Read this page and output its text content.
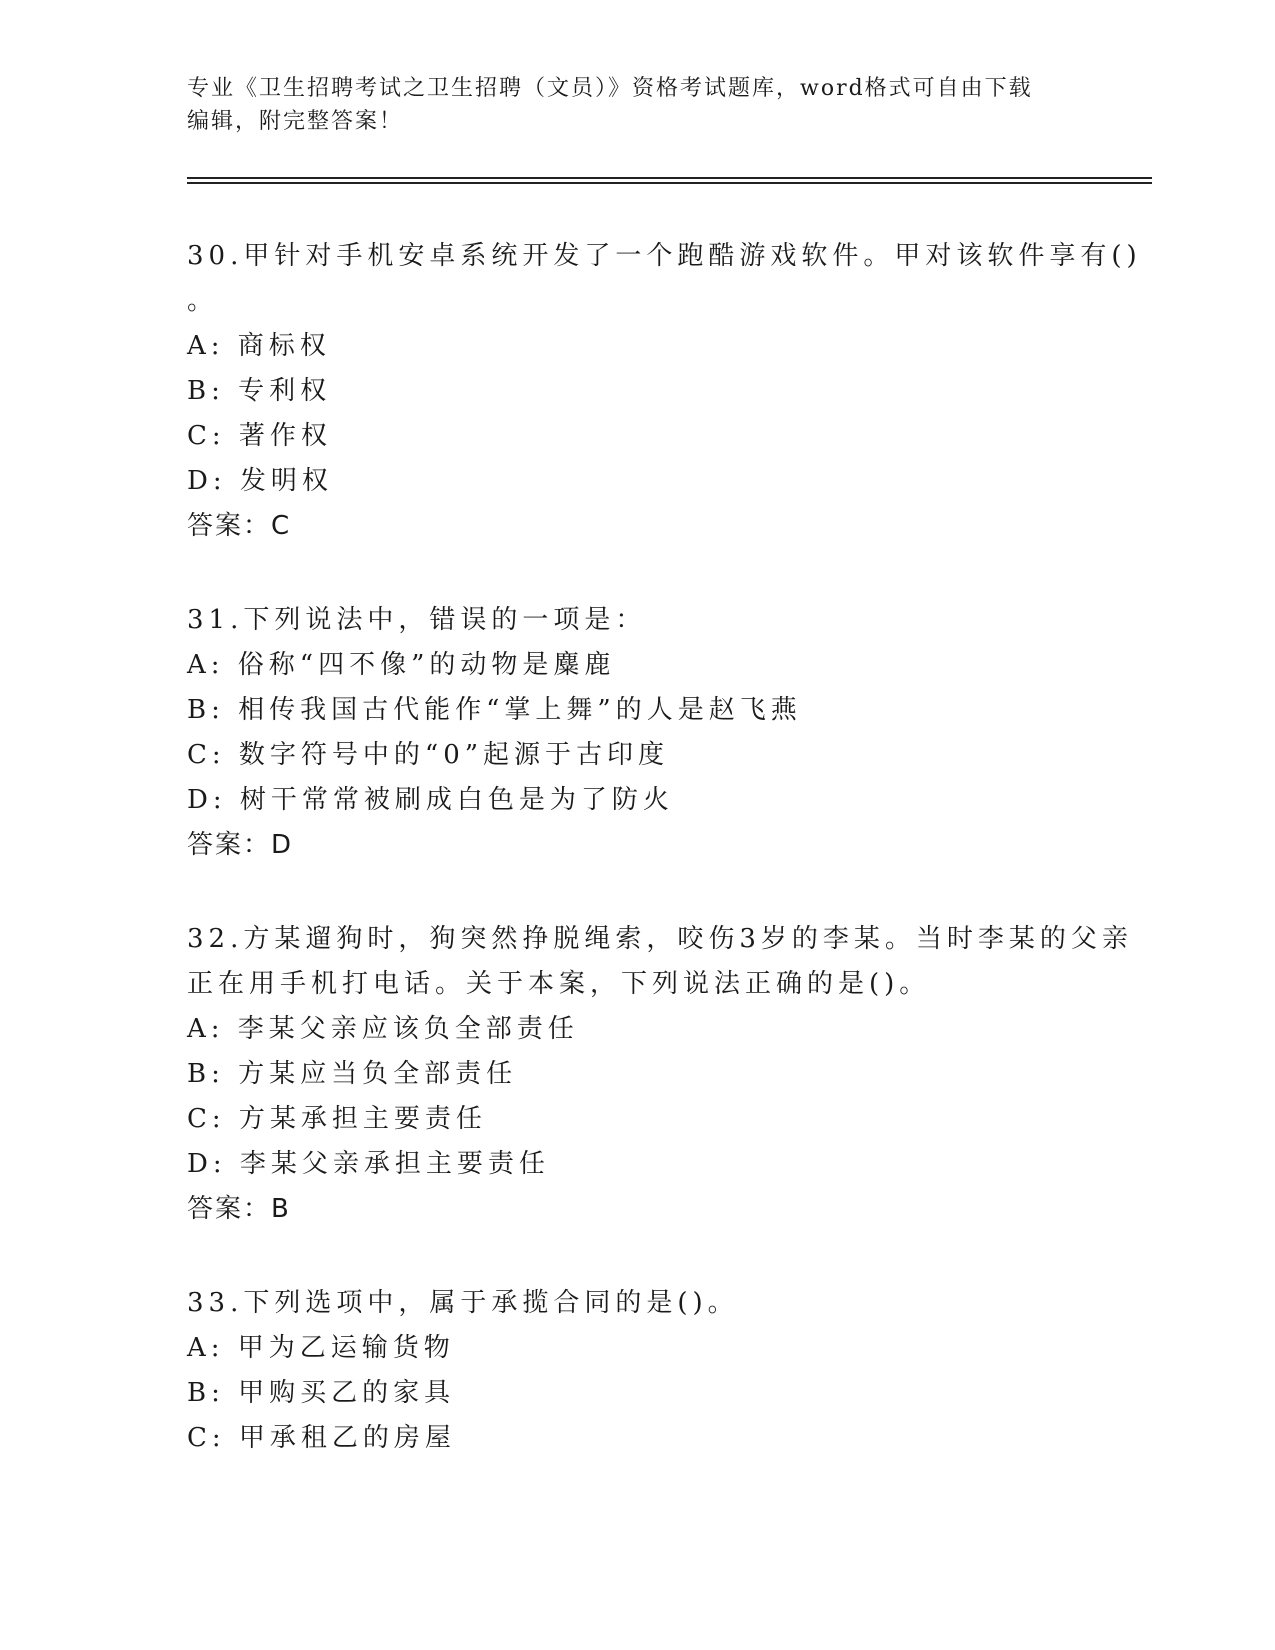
专业《卫生招聘考试之卫生招聘（文员）》资格考试题库，word格式可自由下载
编辑，附完整答案！
30.甲针对手机安卓系统开发了一个跑酷游戏软件。甲对该软件享有()
。
A: 商标权
B: 专利权
C: 著作权
D: 发明权
答案：C
31.下列说法中，错误的一项是：
A: 俗称“四不像”的动物是麋鹿
B: 相传我国古代能作“掌上舞”的人是赵飞燕
C: 数字符号中的“0”起源于古印度
D: 树干常常被刷成白色是为了防火
答案：D
32.方某遛狗时，狗突然挣脱绳索，咬伤3岁的李某。当时李某的父亲
正在用手机打电话。关于本案，下列说法正确的是()。
A: 李某父亲应该负全部责任
B: 方某应当负全部责任
C: 方某承担主要责任
D: 李某父亲承担主要责任
答案：B
33.下列选项中，属于承揽合同的是()。
A: 甲为乙运输货物
B: 甲购买乙的家具
C: 甲承租乙的房屋
